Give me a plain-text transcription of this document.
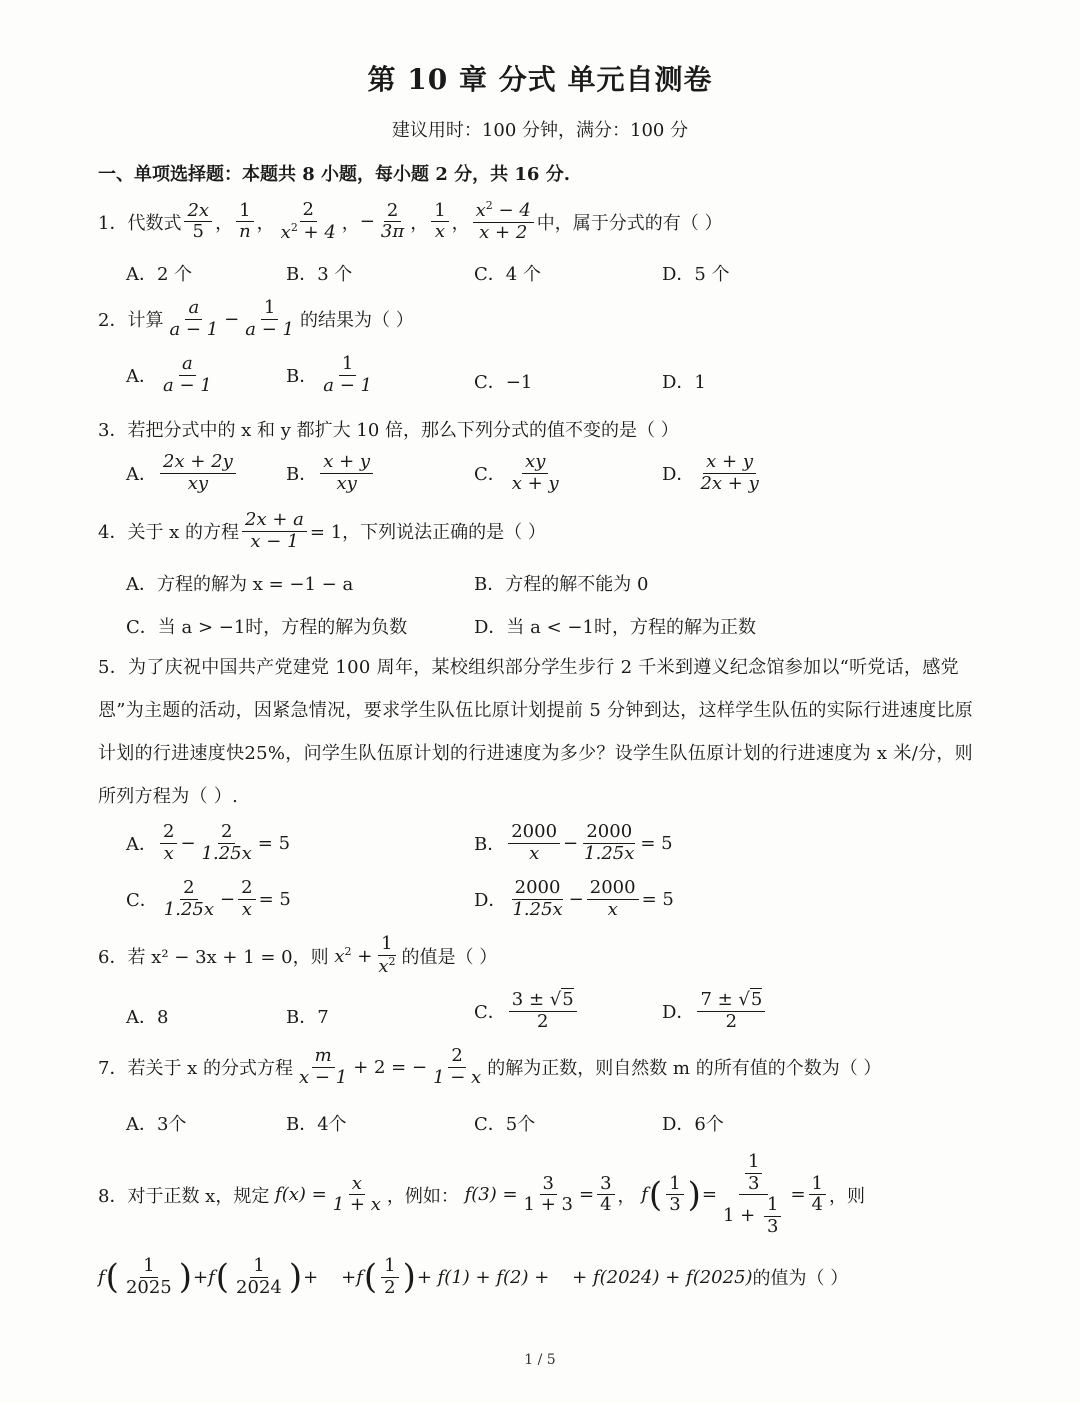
第 10 章 分式 单元自测卷
建议用时：100 分钟，满分：100 分
一、单项选择题：本题共 8 小题，每小题 2 分，共 16 分.
1．代数式 $\frac{2x}{5}$ ， $\frac{1}{n}$ ， $\frac{2}{x^2 + 4}$ ， − $\frac{2}{3\pi}$ ， $\frac{1}{x}$ ， $\frac{x^2 - 4}{x + 2}$ 中，属于分式的有（ ）
A．2 个	B．3 个	C．4 个	D．5 个
2．计算 $\frac{a}{a - 1} - \frac{1}{a - 1}$ 的结果为（ ）
A． $\frac{a}{a - 1}$	B． $\frac{1}{a - 1}$	C．−1	D．1
3．若把分式中的 x 和 y 都扩大 10 倍，那么下列分式的值不变的是（ ）
A． $\frac{2x + 2y}{xy}$	B． $\frac{x + y}{xy}$	C． $\frac{xy}{x + y}$	D． $\frac{x + y}{2x + y}$
4．关于 x 的方程 $\frac{2x + a}{x - 1} = 1$，下列说法正确的是（ ）
A．方程的解为 x = −1 − a	B．方程的解不能为 0
C．当 a > −1时，方程的解为负数	D．当 a < −1时，方程的解为正数
5．为了庆祝中国共产党建党 100 周年，某校组织部分学生步行 2 千米到遵义纪念馆参加以“听党话，感党恩”为主题的活动，因紧急情况，要求学生队伍比原计划提前 5 分钟到达，这样学生队伍的实际行进速度比原计划的行进速度快25%，问学生队伍原计划的行进速度为多少？设学生队伍原计划的行进速度为 x 米/分，则所列方程为（ ）.
A． $\frac{2}{x} - \frac{2}{1.25x} = 5$	B． $\frac{2000}{x} - \frac{2000}{1.25x} = 5$
C． $\frac{2}{1.25x} - \frac{2}{x} = 5$	D． $\frac{2000}{1.25x} - \frac{2000}{x} = 5$
6．若 x² − 3x + 1 = 0，则 $x^2 + \frac{1}{x^2}$ 的值是（ ）
A．8	B．7	C． $\frac{3 \pm √5}{2}$	D． $\frac{7 \pm √5}{2}$
7．若关于 x 的分式方程 $\frac{m}{x - 1} + 2$ = − $\frac{2}{1 - x}$ 的解为正数，则自然数 m 的所有值的个数为（ ）
A．3个	B．4个	C．5个	D．6个
8．对于正数 x，规定 $f(x) = \frac{x}{1 + x}$ ，例如： $f(3) = \frac{3}{1 + 3} = \frac{3}{4}$ ， f ( $\frac{1}{3}$ ) = $\frac{\frac{1}{3}}{1 + \frac{1}{3}} = \frac{1}{4}$ ，则
f ( $\frac{1}{2025}$ ) + f ( $\frac{1}{2024}$ ) +    + f ( $\frac{1}{2}$ ) + f(1) + f(2) +    + f(2024) + f(2025) 的值为（ ）
1 / 5
